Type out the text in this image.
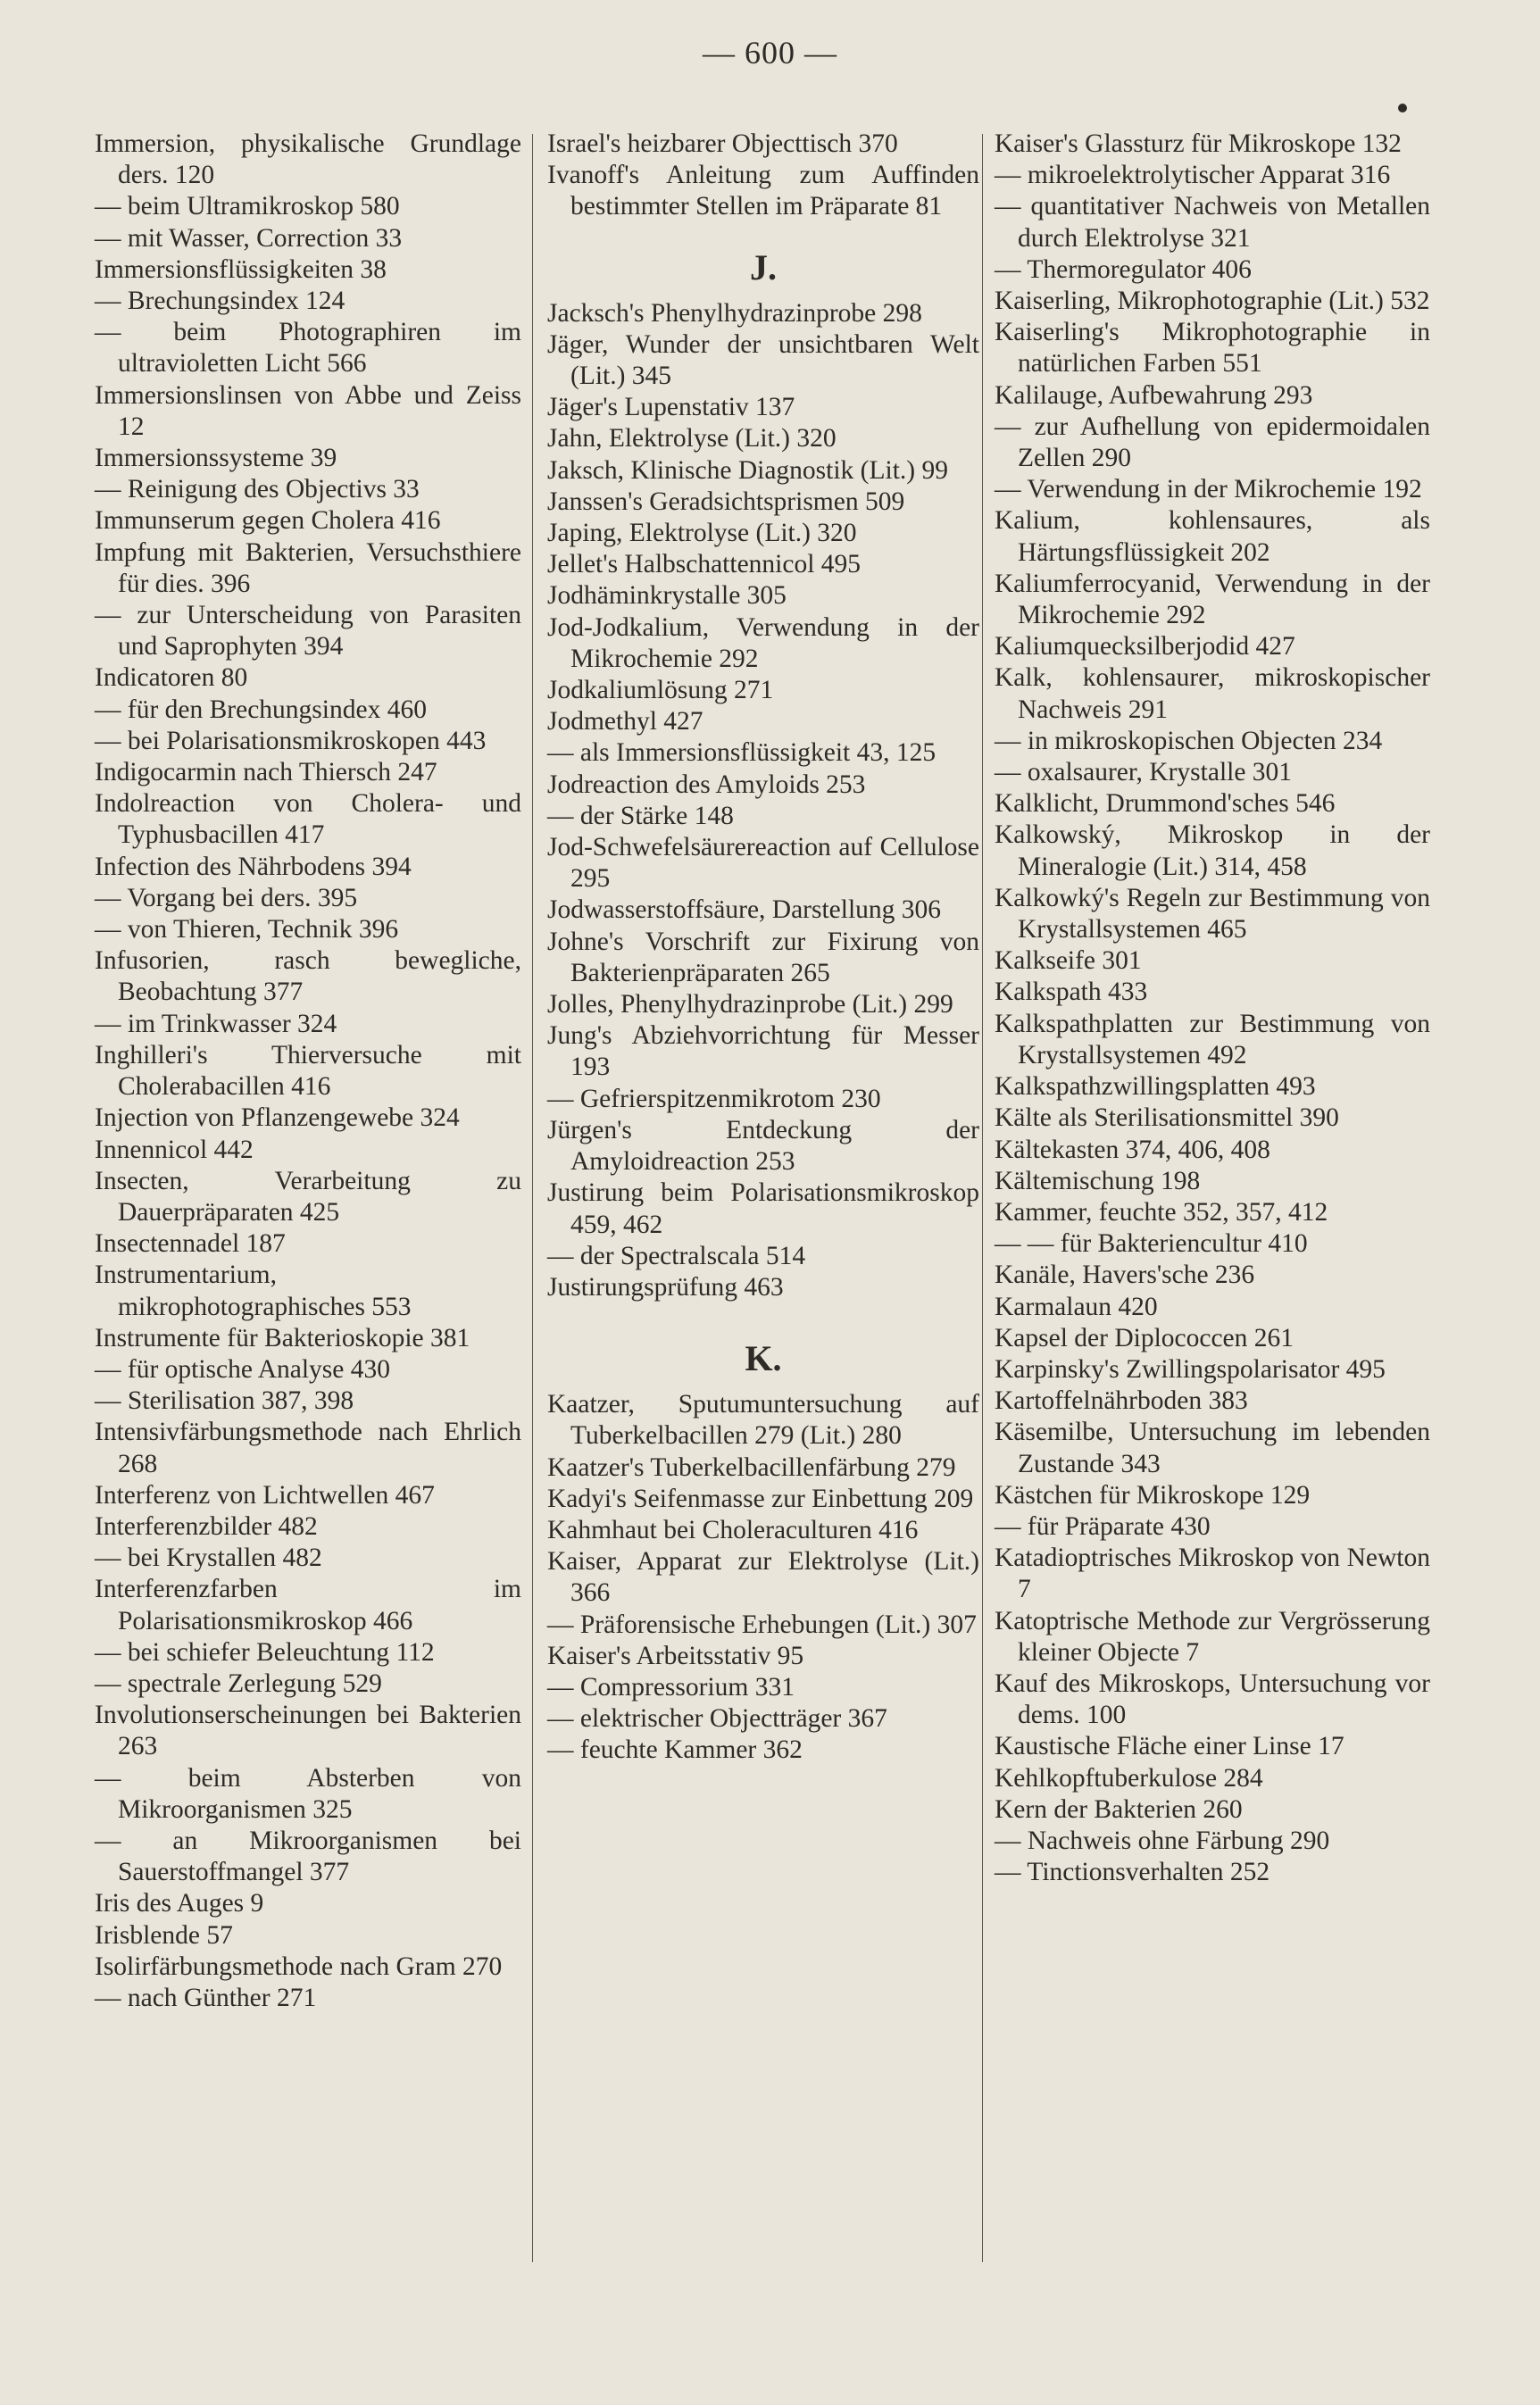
— 600 —
Immersion, physikalische Grundlage ders. 120
— beim Ultramikroskop 580
— mit Wasser, Correction 33
Immersionsflüssigkeiten 38
— Brechungsindex 124
— beim Photographiren im ultravioletten Licht 566
Immersionslinsen von Abbe und Zeiss 12
Immersionssysteme 39
— Reinigung des Objectivs 33
Immunserum gegen Cholera 416
Impfung mit Bakterien, Versuchsthiere für dies. 396
— zur Unterscheidung von Parasiten und Saprophyten 394
Indicatoren 80
— für den Brechungsindex 460
— bei Polarisationsmikroskopen 443
Indigocarmin nach Thiersch 247
Indolreaction von Cholera- und Typhusbacillen 417
Infection des Nährbodens 394
— Vorgang bei ders. 395
— von Thieren, Technik 396
Infusorien, rasch bewegliche, Beobachtung 377
— im Trinkwasser 324
Inghilleri's Thierversuche mit Cholerabacillen 416
Injection von Pflanzengewebe 324
Innennicol 442
Insecten, Verarbeitung zu Dauerpräparaten 425
Insectennadel 187
Instrumentarium, mikrophotographisches 553
Instrumente für Bakterioskopie 381
— für optische Analyse 430
— Sterilisation 387, 398
Intensivfärbungsmethode nach Ehrlich 268
Interferenz von Lichtwellen 467
Interferenzbilder 482
— bei Krystallen 482
Interferenzfarben im Polarisationsmikroskop 466
— bei schiefer Beleuchtung 112
— spectrale Zerlegung 529
Involutionserscheinungen bei Bakterien 263
— beim Absterben von Mikroorganismen 325
— an Mikroorganismen bei Sauerstoffmangel 377
Iris des Auges 9
Irisblende 57
Isolirfärbungsmethode nach Gram 270
— nach Günther 271
Israel's heizbarer Objecttisch 370
Ivanoff's Anleitung zum Auffinden bestimmter Stellen im Präparate 81
J.
Jacksch's Phenylhydrazinprobe 298
Jäger, Wunder der unsichtbaren Welt (Lit.) 345
Jäger's Lupenstativ 137
Jahn, Elektrolyse (Lit.) 320
Jaksch, Klinische Diagnostik (Lit.) 99
Janssen's Geradsichtsprismen 509
Japing, Elektrolyse (Lit.) 320
Jellet's Halbschattennicol 495
Jodhäminkrystalle 305
Jod-Jodkalium, Verwendung in der Mikrochemie 292
Jodkaliumlösung 271
Jodmethyl 427
— als Immersionsflüssigkeit 43, 125
Jodreaction des Amyloids 253
— der Stärke 148
Jod-Schwefelsäurereaction auf Cellulose 295
Jodwasserstoffsäure, Darstellung 306
Johne's Vorschrift zur Fixirung von Bakterienpräparaten 265
Jolles, Phenylhydrazinprobe (Lit.) 299
Jung's Abziehvorrichtung für Messer 193
— Gefrierspitzenmikrotom 230
Jürgen's Entdeckung der Amyloidreaction 253
Justirung beim Polarisationsmikroskop 459, 462
— der Spectralscala 514
Justirungsprüfung 463
K.
Kaatzer, Sputumuntersuchung auf Tuberkelbacillen 279 (Lit.) 280
Kaatzer's Tuberkelbacillenfärbung 279
Kadyi's Seifenmasse zur Einbettung 209
Kahmhaut bei Choleraculturen 416
Kaiser, Apparat zur Elektrolyse (Lit.) 366
— Präforensische Erhebungen (Lit.) 307
Kaiser's Arbeitsstativ 95
— Compressorium 331
— elektrischer Objectträger 367
— feuchte Kammer 362
Kaiser's Glassturz für Mikroskope 132
— mikroelektrolytischer Apparat 316
— quantitativer Nachweis von Metallen durch Elektrolyse 321
— Thermoregulator 406
Kaiserling, Mikrophotographie (Lit.) 532
Kaiserling's Mikrophotographie in natürlichen Farben 551
Kalilauge, Aufbewahrung 293
— zur Aufhellung von epidermoidalen Zellen 290
— Verwendung in der Mikrochemie 192
Kalium, kohlensaures, als Härtungsflüssigkeit 202
Kaliumferrocyanid, Verwendung in der Mikrochemie 292
Kaliumquecksilberjodid 427
Kalk, kohlensaurer, mikroskopischer Nachweis 291
— in mikroskopischen Objecten 234
— oxalsaurer, Krystalle 301
Kalklicht, Drummond'sches 546
Kalkowský, Mikroskop in der Mineralogie (Lit.) 314, 458
Kalkowký's Regeln zur Bestimmung von Krystallsystemen 465
Kalkseife 301
Kalkspath 433
Kalkspathplatten zur Bestimmung von Krystallsystemen 492
Kalkspathzwillingsplatten 493
Kälte als Sterilisationsmittel 390
Kältekasten 374, 406, 408
Kältemischung 198
Kammer, feuchte 352, 357, 412
— — für Bakteriencultur 410
Kanäle, Havers'sche 236
Karmalaun 420
Kapsel der Diplococcen 261
Karpinsky's Zwillingspolarisator 495
Kartoffelnährboden 383
Käsemilbe, Untersuchung im lebenden Zustande 343
Kästchen für Mikroskope 129
— für Präparate 430
Katadioptrisches Mikroskop von Newton 7
Katoptrische Methode zur Vergrösserung kleiner Objecte 7
Kauf des Mikroskops, Untersuchung vor dems. 100
Kaustische Fläche einer Linse 17
Kehlkopftuberkulose 284
Kern der Bakterien 260
— Nachweis ohne Färbung 290
— Tinctionsverhalten 252
